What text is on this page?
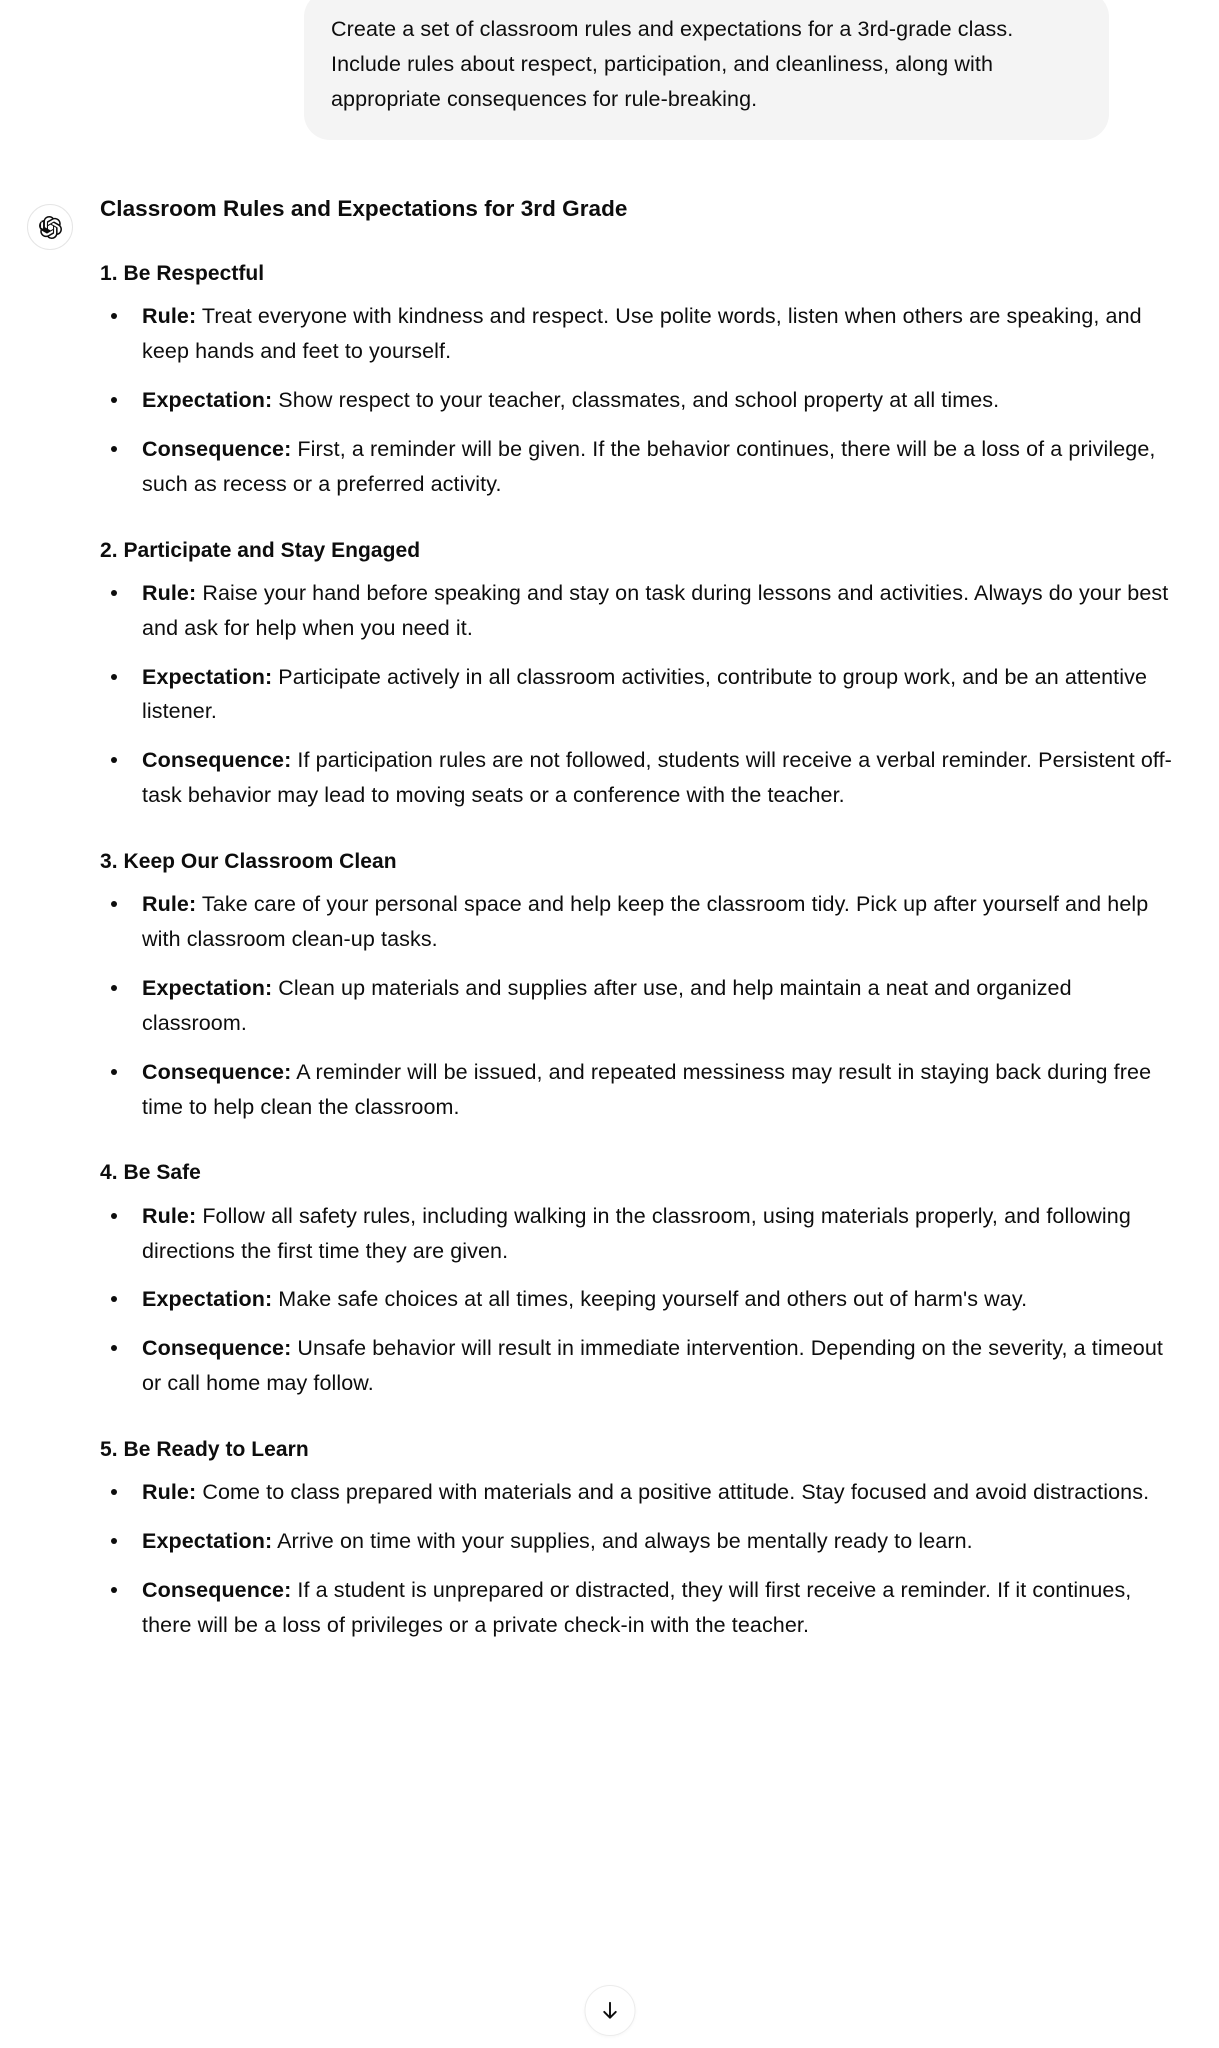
Create a set of classroom rules and expectations for a 3rd-grade class. Include rules about respect, participation, and cleanliness, along with appropriate consequences for rule-breaking.
Classroom Rules and Expectations for 3rd Grade
1. Be Respectful
Rule: Treat everyone with kindness and respect. Use polite words, listen when others are speaking, and keep hands and feet to yourself.
Expectation: Show respect to your teacher, classmates, and school property at all times.
Consequence: First, a reminder will be given. If the behavior continues, there will be a loss of a privilege, such as recess or a preferred activity.
2. Participate and Stay Engaged
Rule: Raise your hand before speaking and stay on task during lessons and activities. Always do your best and ask for help when you need it.
Expectation: Participate actively in all classroom activities, contribute to group work, and be an attentive listener.
Consequence: If participation rules are not followed, students will receive a verbal reminder. Persistent off-task behavior may lead to moving seats or a conference with the teacher.
3. Keep Our Classroom Clean
Rule: Take care of your personal space and help keep the classroom tidy. Pick up after yourself and help with classroom clean-up tasks.
Expectation: Clean up materials and supplies after use, and help maintain a neat and organized classroom.
Consequence: A reminder will be issued, and repeated messiness may result in staying back during free time to help clean the classroom.
4. Be Safe
Rule: Follow all safety rules, including walking in the classroom, using materials properly, and following directions the first time they are given.
Expectation: Make safe choices at all times, keeping yourself and others out of harm's way.
Consequence: Unsafe behavior will result in immediate intervention. Depending on the severity, a timeout or call home may follow.
5. Be Ready to Learn
Rule: Come to class prepared with materials and a positive attitude. Stay focused and avoid distractions.
Expectation: Arrive on time with your supplies, and always be mentally ready to learn.
Consequence: If a student is unprepared or distracted, they will first receive a reminder. If it continues, there will be a loss of privileges or a private check-in with the teacher.
